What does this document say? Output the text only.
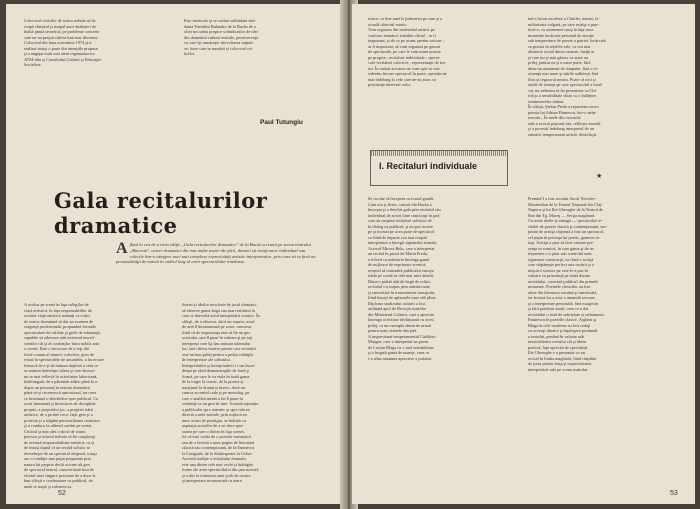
Colocviul criticilor de teatru trebuie să în-
ceapă climatul şi timpul unor dezbateri de
înaltă ţinută teoretică, pe probleme concrete
care ne-au preţuit câteva linii mai devreme.
Colocviul din luna octombrie 1974 şi-a
realizat totuşi o parte din intenţiile propuse
şi a angajat mult mai atent organizatorice
ATM-ului şi Consiliului Culturii şi Educaţiei
Socialiste.
Este meritorie şi se cuvine subliniată stră-
dania Teatrului Bulandra de la Bacău de a
oferi un cadru propice schimburilor de idei
din domeniul culturii teatrale, perseverenţa
cu care îşi urmăreşte dezvoltarea iniţiati-
ve, între care se numără şi colocviul cri-
ticilor.
Paul Tutungiu
Gala recitalurilor dramatice
Aflată la cea de a treia ediţie „Gala recitalurilor dramatice" de la Bacău a reunit pe scena teatrului „Bacovia", actori dramatici din mai multe teatre ale ţării, dornici să emoţioneze individual sau colectiv într-o atingere unei mai complexe expresivităţi artistic-interpretative, prin care să se facă un personalităţii de marcă în cadrul larg al artei spectacolului românesc.
A avolua pe scenă în faţa colegilor de
viaţă artistică, în faţa responsabililor de
această viaţă artistică animaţi ca critici
de teatru, înseamnă să dai un examen de
exigenţă profesională, propunând formule
spectaculare de calitate şi grele de substanţă,
capabile să adreseze atât interesul teoreti-
cienilor cât şi al confraţilor întru nobila artă
a scenei. Este o încercare de a ieşi din
locul comun al muncii colective, greu de
evitat în spectacolele de ansamblu, o încercare
firească de a-ţi da măsura deplină a ceea ce
se numim îndeobşte talent şi care deseori
nu se mai reflectă în activitatea laborioasă,
îndelungată, de a pătrunde adânc până la a-
dopta un personaj în textura dramatică
până să-şi cucerească spectatorul, iar ceea
ce înseamnă o deschidere spre publicul. Ca
acest înseamnă şi încercarea de disciplină
proprie, a propriului joc, a propriei trăiri
artistice, de a probei voce, faţă, gest şi a
proiecta şi a stăpâni personalitatea creatoare
şi a conduce la ultimul cuvânt pe scenă.
Criticul şi mai ales criticul de teatru
precum şi actorul trebuie să fie conştienţi
de această responsabilitate artistică, ca şi
de însuşi faptul că un recital solistic se
deosebeşte de un spectacol obişnuit, totuşi
are o condiţie mai puţin pregnantă prin
natura lui proprie decât oricare alt gen
de spectacol teatral, caracterizată însă de
efortul unei singure persoane de a duce la
bun sfârşit o confruntare cu publicul, de
unde se naşte şi valoarea sa.
iluziei şi ideilor inculcate de jocul dramatic,
să observe gama largă sau mai restrânsă în
care se dezvoltă actul interpretării scenice. În
sfârşit, de a observa, dacă nu cumva, actul
de artă îl încununează pe actor, cunoscut
fiind că de importanţa este să fie un ges
actorului care îl pune în valoare şi pe toţi
interpreţii care îşi dau măsura talentului
lor; iată câteva motive pentru care recitalul
este un bun prilej pentru a proba calităţile
de interpretare ale solistului.
Interpretărilor şi întreprinderii i s-au încre-
dinţat pe rând demonstraţiile de fond şi
formă, pe care le va etala în toată gama
de la tragic la comic, de la poezie şi
naraţiune la dramă şi invers, dacă nu
cumva accentul cade şi pe monolog, pe
care o analiză atentă a lui îl pune în
evidenţă ca un gest în sine. Această aspiraţie
a publicului spre autentic şi spre trăirea
directă a artei teatrale, prin mijlocirea
unor actori de prestigiu, se îmbină cu
aspiraţia actorilor de a ne duce spre
starea pe care o dorim în faţa scenei,
fie că este vorba de o poveste romantică
sau de o lectură a unor pagini de literatură
clasică sau contemporană, de la Eminescu
la Caragiale, de la Shakespeare la Cehov.
Această tradiţie a recitalului dramatic
este una dintre cele mai vechi şi îndrăgite
forme ale artei spectacolului din ţara noastră
şi a dus la formarea unei şcoli de rostire
şi interpretare recunoscută ca atare.
52
estice, ca fine unei la judecarea pe care şi a
acordă obiectul estetic.
Vom organiza din materialul artistic pe
conform tematicii stabilite oficial ; ar fi
important, şi de ce pe acum, pentru oricine ;
ar fi important, să vom organiza pe genuri
de spectacole, pe care le vom numi poeme
pe propria ; recitaluri individuale ; specta-
cole-recitaluri colective ; reprezentaţii de tea-
tru. În cadrul acestora ne vom opri să con-
siderăm fiecare spectacol în parte, oprindu-ne
mai îndelung la cele care ne-au atras cu
prisosinţă interesul critic.
ind a lucrat excelent a Chirilei, numai, fa-
miliarizata vulgară, pe care actriţa a prac-
ticat-o, cu asemenea curaj la faţa unor
momente încărcate personal de emoţie
sub temperatura de poezie a patriei, încărcată
cu poezia în reţelele sale, ca cea mai
aleatorie social dintre sensuri, înalţă ar
şi care nu-şi mai găsesc ca atare un
prilej, pentru ea şi o mare parte, fără
dintr-un sentiment de simpatie, fără o re-
zistenţă mai mare şi stările sufleteşti fără
flori şi regizorul nostru. Poate că nici şi
ratele de tristeţe pe care spectacolul a încal-
cat, nu trebuiau să fie prezentate ca Chi-
rită şi a sensibilitate chiar cu o îndârjire
sentimentelor intime.
În sfârşit, Ştefan Preda a reprezent corect
poezia lui Adrian Păunescu, într-o neîn-
trecută... În unele din versurile
sale a evocat poporul său, reflecţia morală
şi a povestit îndelung interpretul de un
autentic temperament artistic desăvârşit.
I. Recitaluri individuale
★
Se cuvine să începem cu tourul gandă.
Cum era şi firesc, teatrul din Bacău a
încrepat şi a deschis gala prin recitalul său
individual de actori bine cunoscuţi în ţară
care au susţinut recitaluri solistice de
în dialog cu publicul, şi au pus accent
pe şi tocmai pe acea parte de spectacol
ca fiind de departe cea mai reuşită
interpretare a întregii săptămâni teatrale.
Actorul Mircea Belu, care a interpretat
un recital în proză de Marin Preda,
a folosit cu măiestrie întreaga gamă
de mijloace de exprimare scenică,
reuşind să transmită publicului emoţia
trăită pe scenă în cele mai mici detalii.
Dintr-o paletă atât de largă de roluri,
recitalul s-a impus prin autenticitate
şi sinceritate în transmiterea mesajului,
fiind însoţit de aplauzele unei săli pline.
Diploma studioului culturii a fost
atribuită apoi de Direcţia teatrelor
din Ministerul Culturii, care a apreciat
întreaga activitate desfăşurată cu acest
prilej, ca un exemplu demn de urmat
pentru toate teatrele din ţară.
A impresionat temperamentul Cătălinei
Murgea, care a interpretat un poem
de Lucian Blaga cu o rară sensibilitate
şi o bogată gamă de nuanţe, ceea ce
i-a adus unanima apreciere a juriului.
Premiul I a fost acordat Ancăi Neculce-
Maximilian de la Teatrul Naţional din Cluj-
Napoca şi lui Ilie Gheorghe de la Teatrul de
Stat din Tg. Mureş — Secţia maghiară.
Cu mine ideile-şi adaugă — spectacolul re-
citalei de poezie clasică şi contemporană, sus-
ţinută de actriţa clujeană a fost un spectacol,
cel puţin în privinţa lui poetic, generos to-
tuşi. Actriţa a ştiut să facă valoare pre-
zenţa sa scenică, în care gama şi de in-
terpretare s-a ţinut sub controlul unei
riguroase construcţii, ea fiind o actriţă
care stăpâneşte perfect arta rostirii şi a
mişcării scenice pe care le-a pus în
valoare cu prisosinţă pe toată durata
recitalului, cucerind publicul din primele
momente. Poemele clasicilor au fost
alese din literatura română şi universală,
iar lectura lor a avut o anumită savoare
şi o interpretare personală, fără exagerări
şi fără patetism inutil, ceea ce a dat
recitalului o notă de sobrietate şi rafinament.
Eminescu în poeziile clasice, Arghezi şi
Blaga în cele moderne au fost redaţi
cu aceeaşi dăruire şi înţelegere profundă
a textului, punând în valoare atât
muzicalitatea versului cât şi ideea
poetică, fapt apreciat de specialişti.
Ilie Gheorghe s-a prezentat cu un
recital în limba maghiară, fiind răsplătit
de juriu pentru forţa şi expresivitatea
interpretării sale pe scena teatrului.
53
